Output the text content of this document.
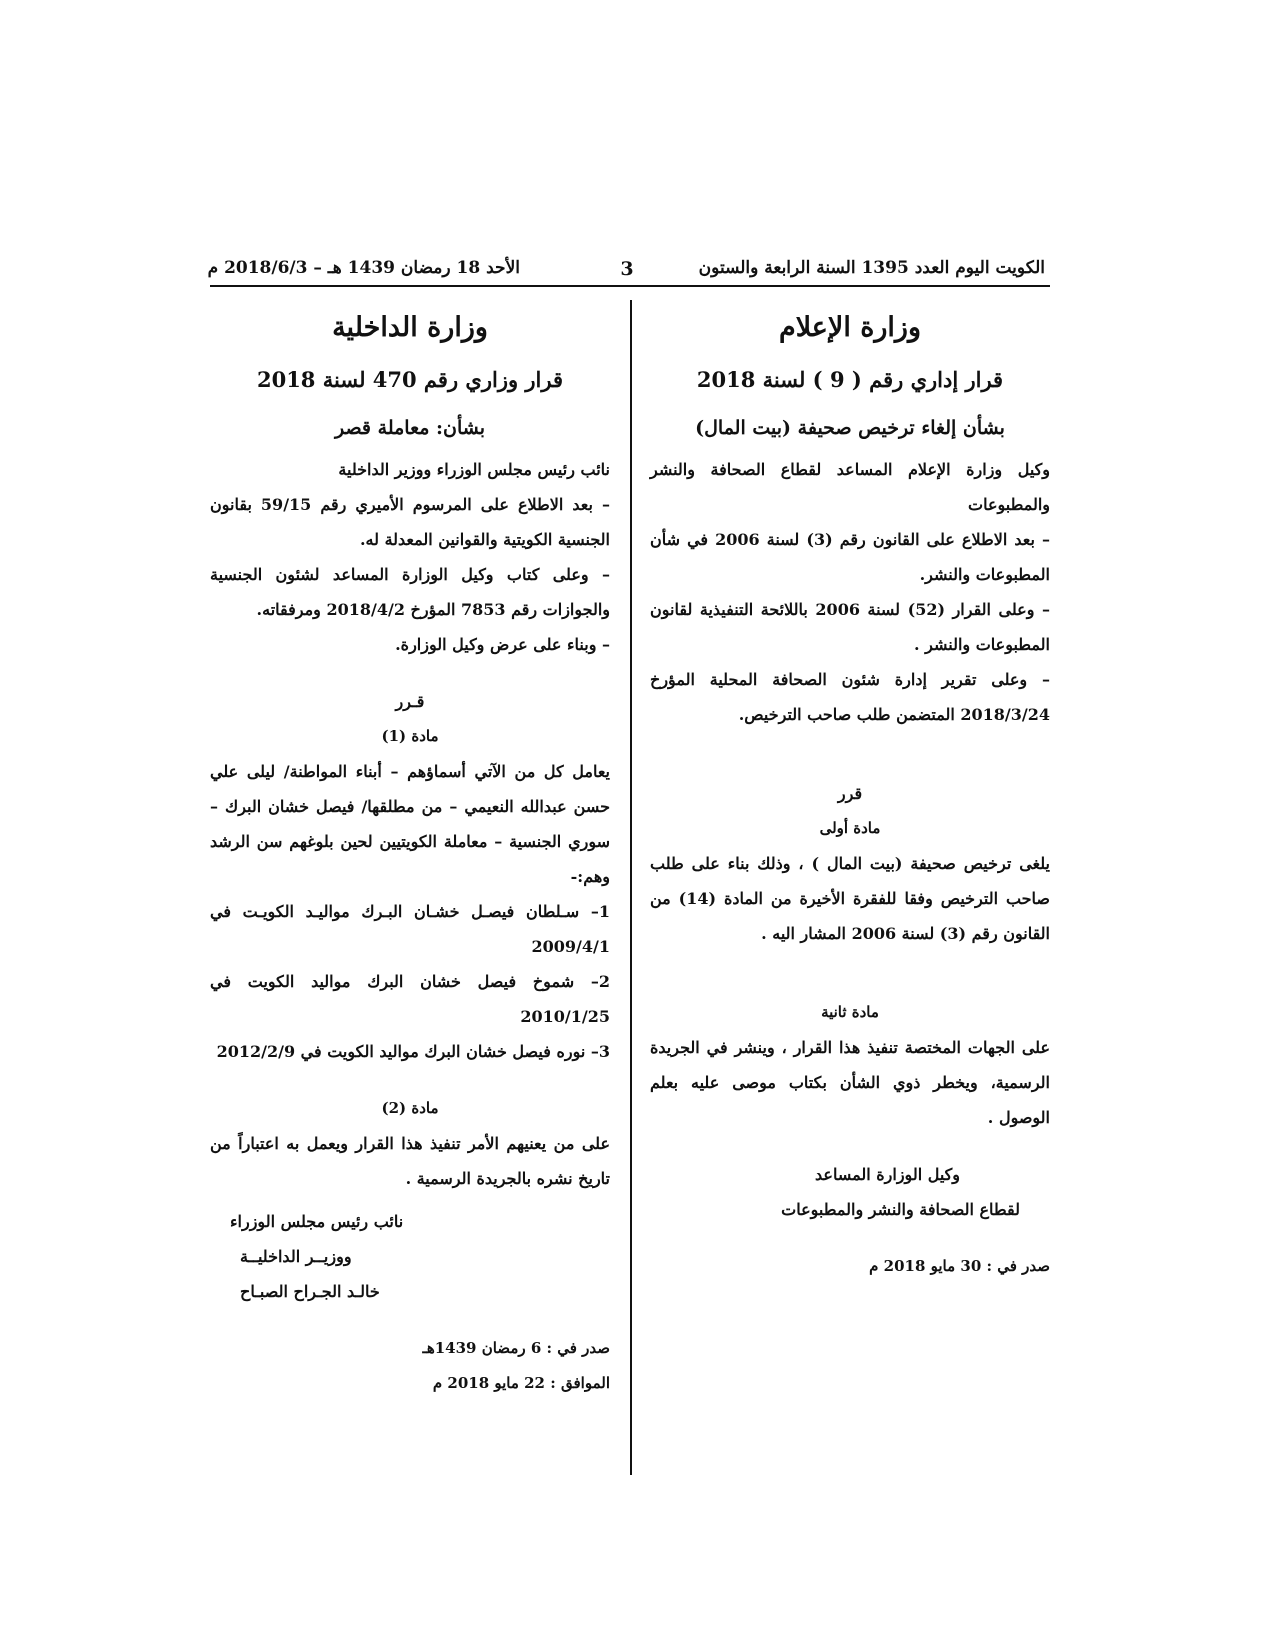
الكويت اليوم العدد 1395 السنة الرابعة والستون
3
الأحد 18 رمضان 1439 هـ – 2018/6/3 م
وزارة الإعلام
قرار إداري رقم ( 9 ) لسنة 2018
بشأن إلغاء ترخيص صحيفة (بيت المال)

وكيل وزارة الإعلام المساعد لقطاع الصحافة والنشر والمطبوعات

– بعد الاطلاع على القانون رقم (3) لسنة 2006 في شأن المطبوعات والنشر.

– وعلى القرار (52) لسنة 2006 باللائحة التنفيذية لقانون المطبوعات والنشر .

– وعلى تقرير إدارة شئون الصحافة المحلية المؤرخ 2018/3/24 المتضمن طلب صاحب الترخيص.

قرر
مادة أولى

يلغى ترخيص صحيفة (بيت المال ) ، وذلك بناء على طلب صاحب الترخيص وفقا للفقرة الأخيرة من المادة (14) من القانون رقم (3) لسنة 2006 المشار اليه .

مادة ثانية

على الجهات المختصة تنفيذ هذا القرار ، وينشر في الجريدة الرسمية، ويخطر ذوي الشأن بكتاب موصى عليه بعلم الوصول .

وكيل الوزارة المساعد
لقطاع الصحافة والنشر والمطبوعات
صدر في : 30 مايو 2018 م
وزارة الداخلية
قرار وزاري رقم 470 لسنة 2018
بشأن: معاملة قصر

نائب رئيس مجلس الوزراء ووزير الداخلية

– بعد الاطلاع على المرسوم الأميري رقم 59/15 بقانون الجنسية الكويتية والقوانين المعدلة له.

– وعلى كتاب وكيل الوزارة المساعد لشئون الجنسية والجوازات رقم 7853 المؤرخ 2018/4/2 ومرفقاته.

– وبناء على عرض وكيل الوزارة.

قـرر
مادة (1)

يعامل كل من الآتي أسماؤهم – أبناء المواطنة/ ليلى علي حسن عبدالله النعيمي – من مطلقها/ فيصل خشان البرك – سوري الجنسية – معاملة الكويتيين لحين بلوغهم سن الرشد وهم:-

1– سـلطان فيصـل خشـان البـرك مواليـد الكويـت في 2009/4/1

2– شموخ فيصل خشان البرك مواليد الكويت في 2010/1/25

3– نوره فيصل خشان البرك مواليد الكويت في 2012/2/9

مادة (2)

على من يعنيهم الأمر تنفيذ هذا القرار ويعمل به اعتباراً من تاريخ نشره بالجريدة الرسمية .

نائب رئيس مجلس الوزراء
ووزيــر الداخليــة
خالـد الجـراح الصبـاح
صدر في : 6 رمضان 1439هـ
الموافق : 22 مايو 2018 م
